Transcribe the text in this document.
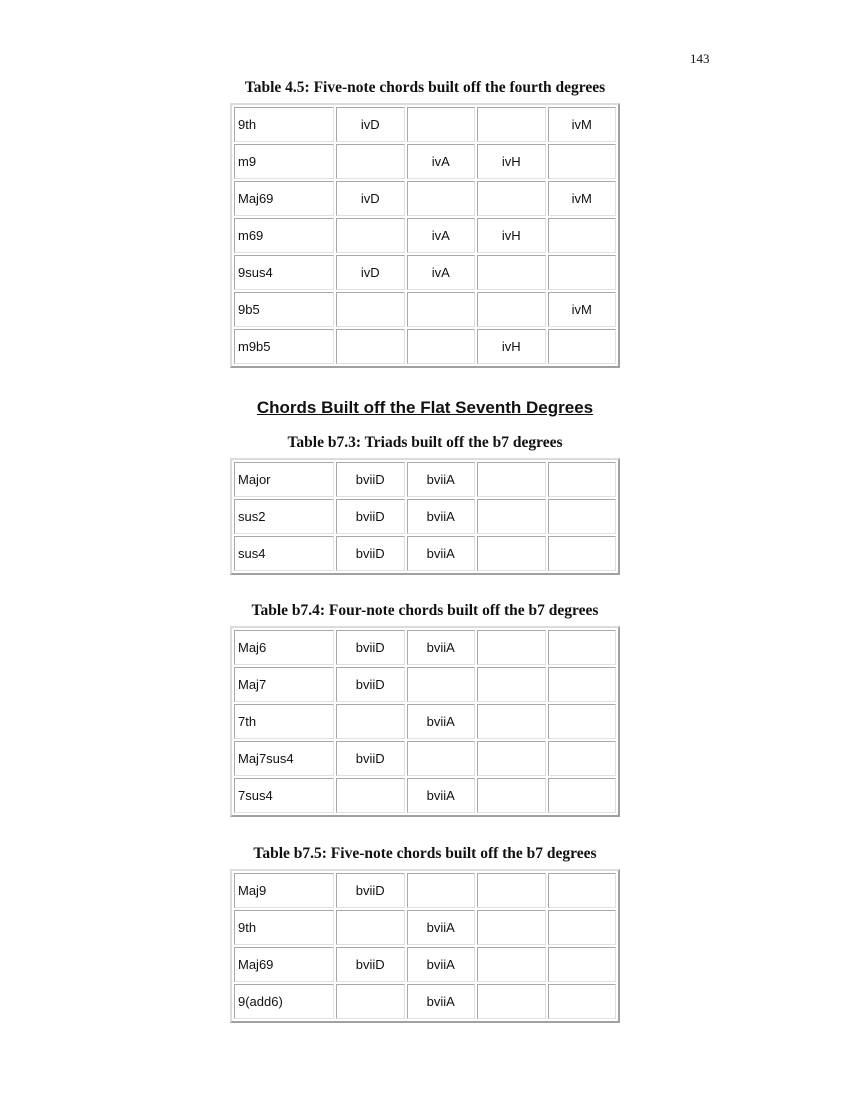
143
Table 4.5: Five-note chords built off the fourth degrees
9th	ivD			ivM
m9		ivA	ivH	
Maj69	ivD			ivM
m69		ivA	ivH	
9sus4	ivD	ivA		
9b5				ivM
m9b5			ivH	
Chords Built off the Flat Seventh Degrees
Table b7.3: Triads built off the b7 degrees
Major	bviiD	bviiA		
sus2	bviiD	bviiA		
sus4	bviiD	bviiA		
Table b7.4: Four-note chords built off the b7 degrees
Maj6	bviiD	bviiA		
Maj7	bviiD			
7th		bviiA		
Maj7sus4	bviiD			
7sus4		bviiA		
Table b7.5: Five-note chords built off the b7 degrees
Maj9	bviiD			
9th		bviiA		
Maj69	bviiD	bviiA		
9(add6)		bviiA		
